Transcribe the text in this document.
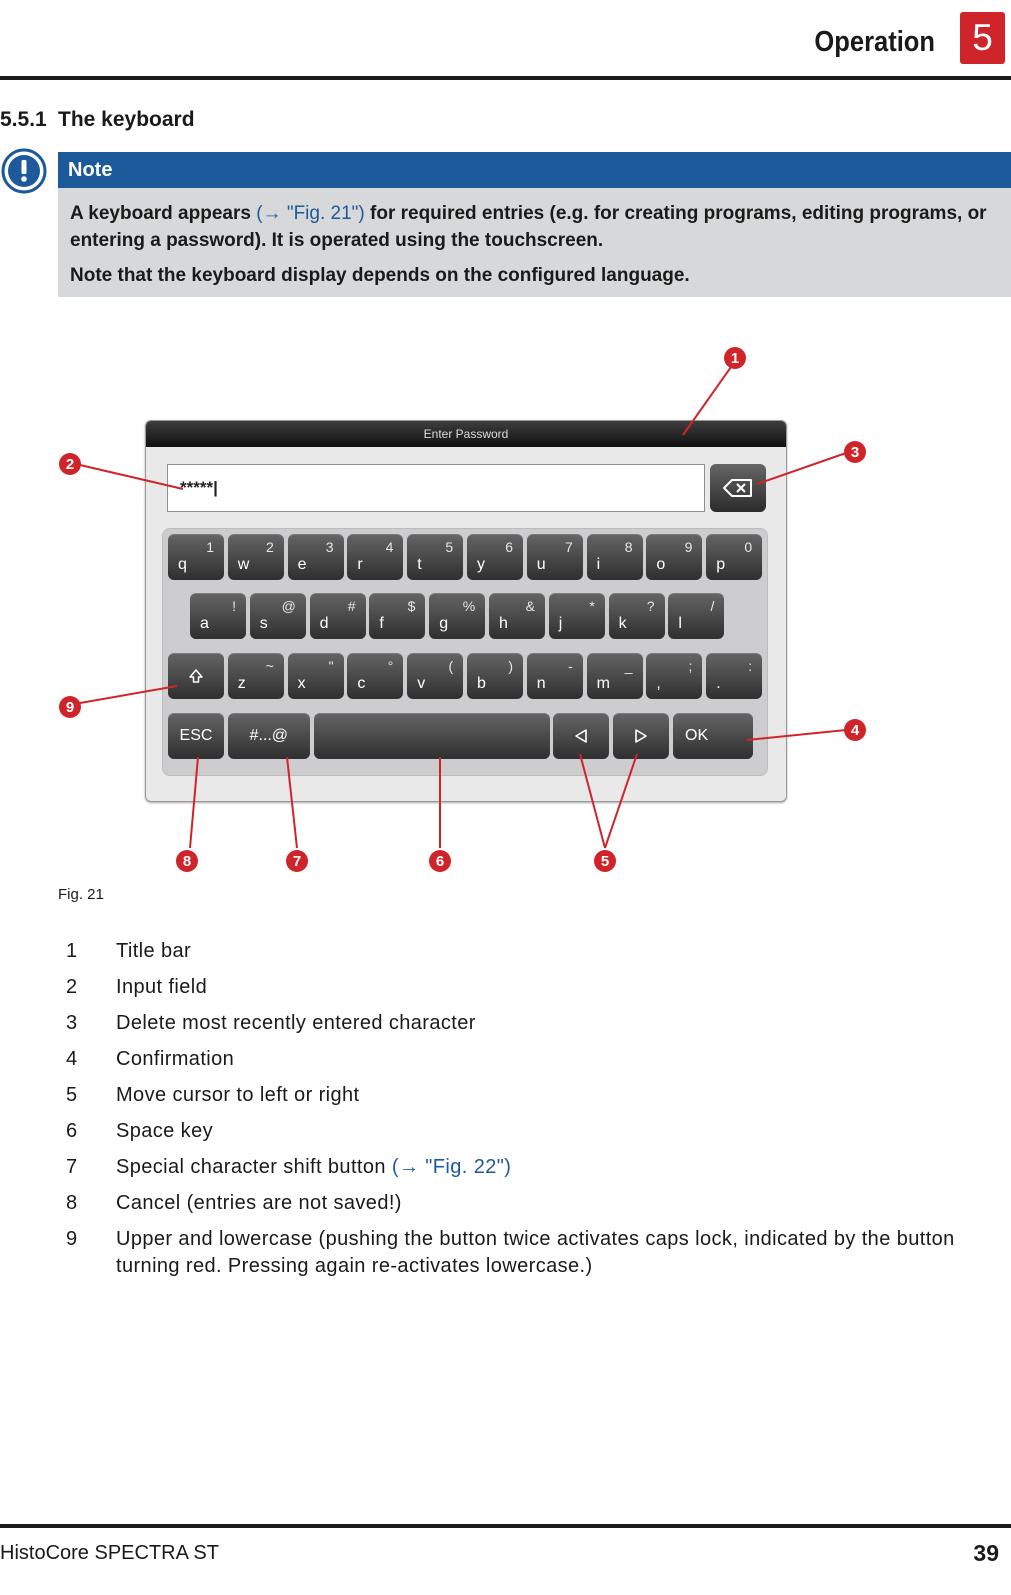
Operation	5
5.5.1 The keyboard
Note
A keyboard appears (→ "Fig. 21") for required entries (e.g. for creating programs, editing programs, or entering a password). It is operated using the touchscreen.
Note that the keyboard display depends on the configured language.
Enter Password
*****|
q
1
w
2
e
3
r
4
t
5
y
6
u
7
i
8
o
9
p
0
a
!
s
@
d
#
f
$
g
%
h
&
j
*
k
?
l
/
z
~
x
"
c
°
v
(
b
)
n
-
m
_
,
;
.
:
ESC	#...@	OK
1
2
3
4
5
6
7
8
9
Fig. 21
1	Title bar
2	Input field
3	Delete most recently entered character
4	Confirmation
5	Move cursor to left or right
6	Space key
7	Special character shift button (→ "Fig. 22")
8	Cancel (entries are not saved!)
9	Upper and lowercase (pushing the button twice activates caps lock, indicated by the button turning red. Pressing again re-activates lowercase.)
HistoCore SPECTRA ST	39
